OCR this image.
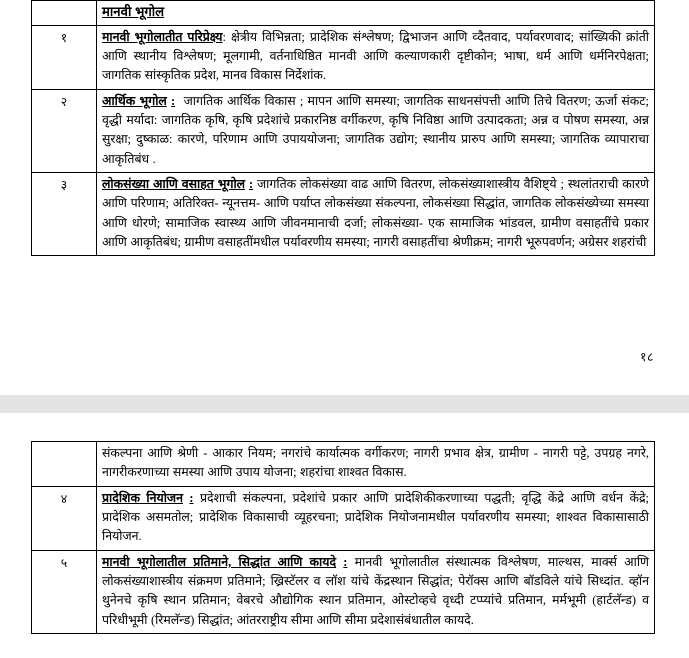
	मानवी भूगोल
१	मानवी भूगोलातीत परिप्रेक्ष्य: क्षेत्रीय विभिन्नता; प्रादेशिक संश्लेषण; द्विभाजन आणि व्दैतवाद, पर्यावरणवाद; सांख्यिकी क्रांती आणि स्थानीय विश्लेषण; मूलगामी, वर्तनाधिष्ठित मानवी आणि कल्याणकारी दृष्टीकोन; भाषा, धर्म आणि धर्मनिरपेक्षता; जागतिक सांस्कृतिक प्रदेश, मानव विकास निर्देशांक.
२	आर्थिक भूगोल : जागतिक आर्थिक विकास ; मापन आणि समस्या; जागतिक साधनसंपत्ती आणि तिचे वितरण; ऊर्जा संकट; वृद्धी मर्यादा: जागतिक कृषि, कृषि प्रदेशांचे प्रकारनिष्ठ वर्गीकरण, कृषि निविष्ठा आणि उत्पादकता; अन्न व पोषण समस्या, अन्न सुरक्षा; दुष्काळ: कारणे, परिणाम आणि उपाययोजना; जागतिक उद्योग; स्थानीय प्रारुप आणि समस्या; जागतिक व्यापाराचा आकृतिबंध .
३	लोकसंख्या आणि वसाहत भूगोल : जागतिक लोकसंख्या वाढ आणि वितरण, लोकसंख्याशास्त्रीय वैशिष्ट्ये ; स्थलांतराची कारणे आणि परिणाम; अतिरिक्त- न्यूनत्तम- आणि पर्याप्त लोकसंख्या संकल्पना, लोकसंख्या सिद्धांत, जागतिक लोकसंख्येच्या समस्या आणि धोरणे; सामाजिक स्वास्थ्य आणि जीवनमानाची दर्जा; लोकसंख्या- एक सामाजिक भांडवल, ग्रामीण वसाहतींचे प्रकार आणि आकृतिबंध; ग्रामीण वसाहतींमधील पर्यावरणीय समस्या; नागरी वसाहतींचा श्रेणीक्रम; नागरी भूरुपवर्णन; अग्रेसर शहरांची
१८
	संकल्पना आणि श्रेणी - आकार नियम; नगरांचे कार्यात्मक वर्गीकरण; नागरी प्रभाव क्षेत्र, ग्रामीण - नागरी पट्टे, उपग्रह नगरे, नागरीकरणाच्या समस्या आणि उपाय योजना; शहरांचा शाश्वत विकास.
४	प्रादेशिक नियोजन : प्रदेशाची संकल्पना, प्रदेशांचे प्रकार आणि प्रादेशिकीकरणाच्या पद्धती; वृद्धि केंद्रे आणि वर्धन केंद्रे; प्रादेशिक असमतोल; प्रादेशिक विकासाची व्यूहरचना; प्रादेशिक नियोजनामधील पर्यावरणीय समस्या; शाश्वत विकासासाठी नियोजन.
५	मानवी भूगोलातील प्रतिमाने, सिद्धांत आणि कायदे : मानवी भूगोलातील संस्थात्मक विश्लेषण, माल्थस, मार्क्स आणि लोकसंख्याशास्त्रीय संक्रमण प्रतिमाने; ख्रिस्टॅलर व लॉश यांचे केंद्रस्थान सिद्धांत; पेरॉक्स आणि बॉडविले यांचे सिध्दांत. व्हॉन थुनेनचे कृषि स्थान प्रतिमान; वेबरचे औद्योगिक स्थान प्रतिमान, ओस्टोव्हचे वृध्दी टप्प्यांचे प्रतिमान, मर्मभूमी (हार्टलॅन्ड) व परिधीभूमी (रिमलॅन्ड) सिद्धांत; आंतरराष्ट्रीय सीमा आणि सीमा प्रदेशासंबंधातील कायदे.
